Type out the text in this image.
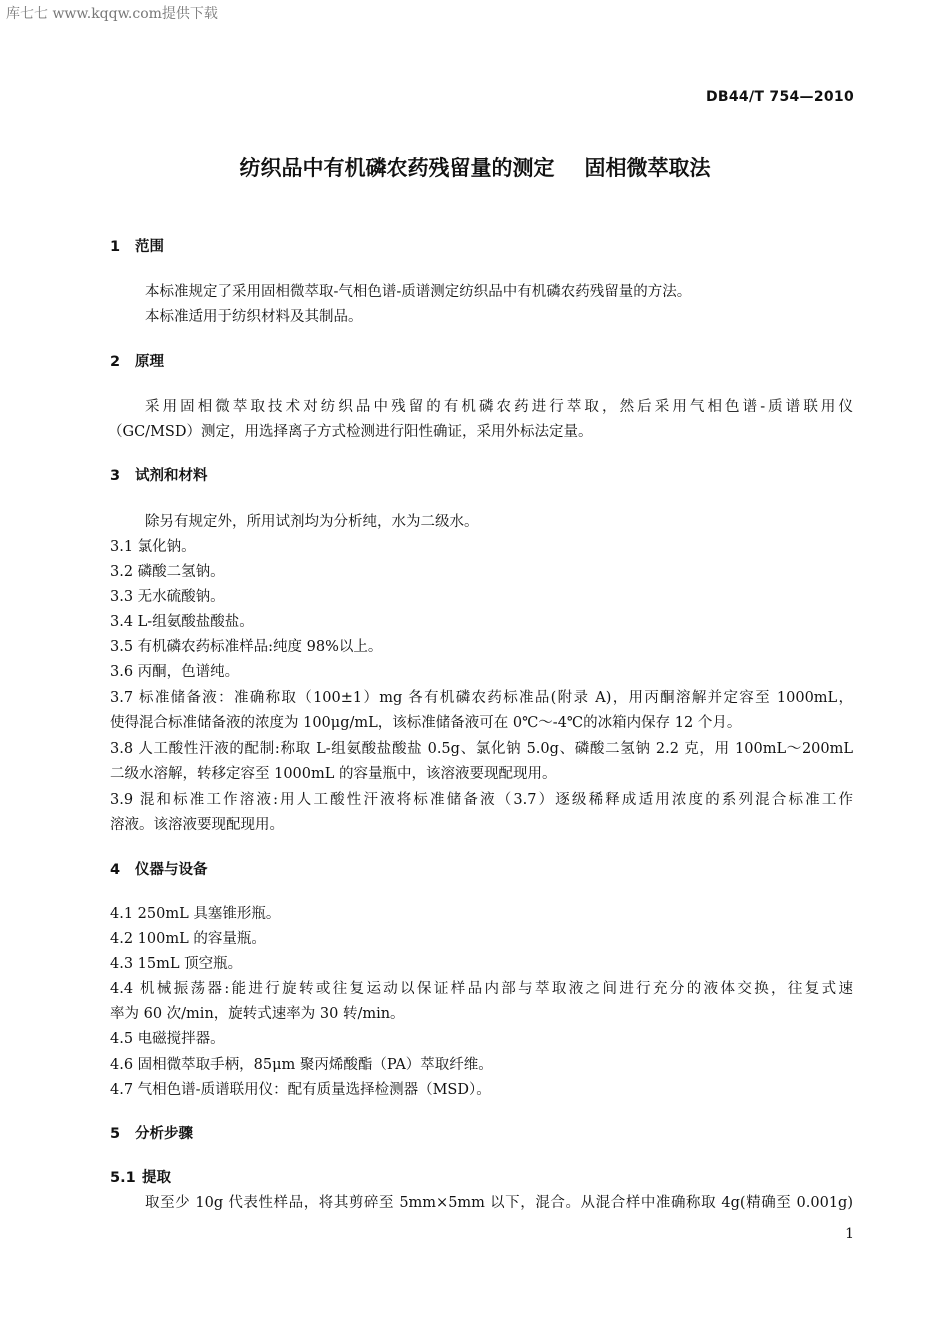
库七七 www.kqqw.com提供下载
DB44/T 754—2010
纺织品中有机磷农药残留量的测定 固相微萃取法
1 范围
本标准规定了采用固相微萃取-气相色谱-质谱测定纺织品中有机磷农药残留量的方法。
本标准适用于纺织材料及其制品。
2 原理
采用固相微萃取技术对纺织品中残留的有机磷农药进行萃取，然后采用气相色谱-质谱联用仪
（GC/MSD）测定，用选择离子方式检测进行阳性确证，采用外标法定量。
3 试剂和材料
除另有规定外，所用试剂均为分析纯，水为二级水。
3.1 氯化钠。
3.2 磷酸二氢钠。
3.3 无水硫酸钠。
3.4 L-组氨酸盐酸盐。
3.5 有机磷农药标准样品:纯度 98%以上。
3.6 丙酮，色谱纯。
3.7 标准储备液：准确称取（100±1）mg 各有机磷农药标准品(附录 A)，用丙酮溶解并定容至 1000mL，
使得混合标准储备液的浓度为 100μg/mL，该标准储备液可在 0℃～-4℃的冰箱内保存 12 个月。
3.8 人工酸性汗液的配制:称取 L-组氨酸盐酸盐 0.5g、氯化钠 5.0g、磷酸二氢钠 2.2 克，用 100mL～200mL
二级水溶解，转移定容至 1000mL 的容量瓶中，该溶液要现配现用。
3.9 混和标准工作溶液:用人工酸性汗液将标准储备液（3.7）逐级稀释成适用浓度的系列混合标准工作
溶液。该溶液要现配现用。
4 仪器与设备
4.1 250mL 具塞锥形瓶。
4.2 100mL 的容量瓶。
4.3 15mL 顶空瓶。
4.4 机械振荡器:能进行旋转或往复运动以保证样品内部与萃取液之间进行充分的液体交换，往复式速
率为 60 次/min，旋转式速率为 30 转/min。
4.5 电磁搅拌器。
4.6 固相微萃取手柄，85μm 聚丙烯酸酯（PA）萃取纤维。
4.7 气相色谱-质谱联用仪：配有质量选择检测器（MSD）。
5 分析步骤
5.1 提取
取至少 10g 代表性样品，将其剪碎至 5mm×5mm 以下，混合。从混合样中准确称取 4g(精确至 0.001g)
1
